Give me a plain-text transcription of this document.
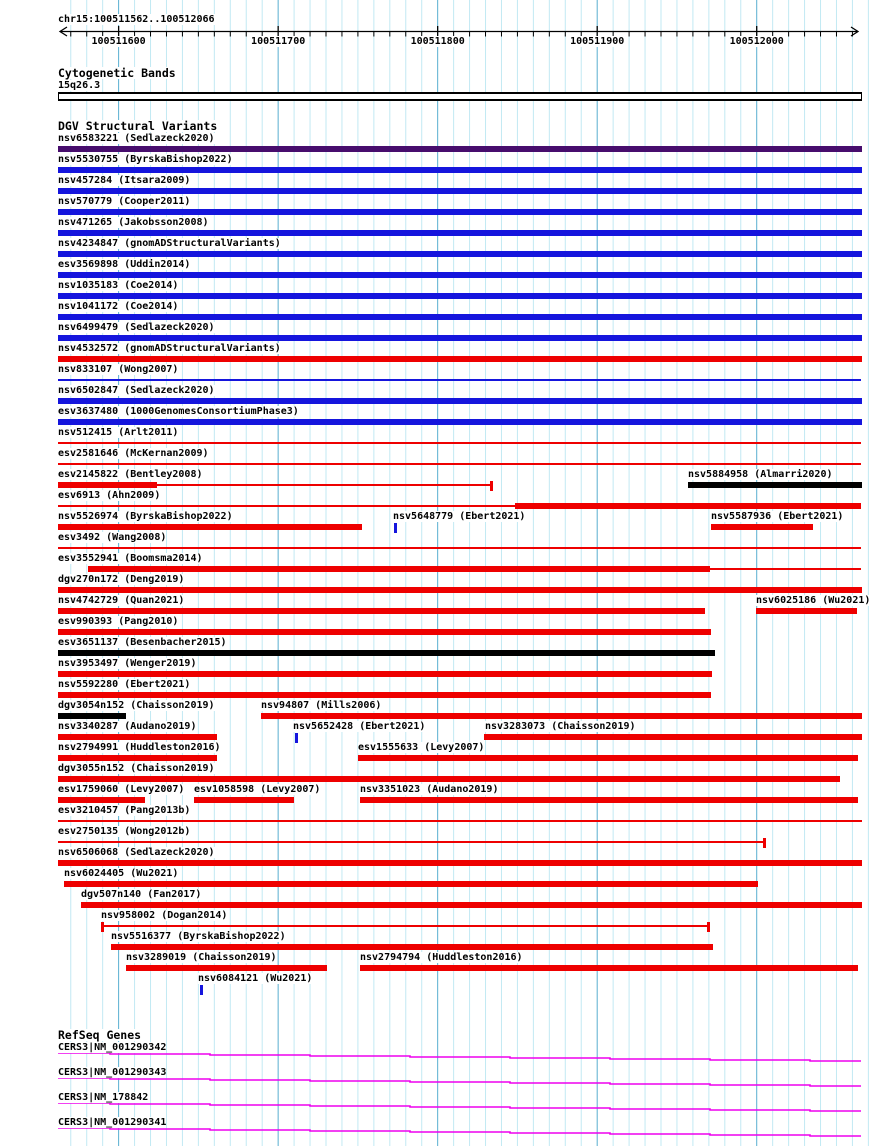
chr15:100511562..100512066
100511600	100511700	100511800	100511900	100512000
Cytogenetic Bands
15q26.3
DGV Structural Variants
nsv6583221 (Sedlazeck2020)
nsv5530755 (ByrskaBishop2022)
nsv457284 (Itsara2009)
nsv570779 (Cooper2011)
nsv471265 (Jakobsson2008)
nsv4234847 (gnomADStructuralVariants)
esv3569898 (Uddin2014)
nsv1035183 (Coe2014)
nsv1041172 (Coe2014)
nsv6499479 (Sedlazeck2020)
nsv4532572 (gnomADStructuralVariants)
nsv833107 (Wong2007)
nsv6502847 (Sedlazeck2020)
esv3637480 (1000GenomesConsortiumPhase3)
nsv512415 (Arlt2011)
esv2581646 (McKernan2009)
esv2145822 (Bentley2008)	nsv5884958 (Almarri2020)
esv6913 (Ahn2009)
nsv5526974 (ByrskaBishop2022)	nsv5648779 (Ebert2021)	nsv5587936 (Ebert2021)
esv3492 (Wang2008)
esv3552941 (Boomsma2014)
dgv270n172 (Deng2019)
nsv4742729 (Quan2021)	nsv6025186 (Wu2021)
esv990393 (Pang2010)
esv3651137 (Besenbacher2015)
nsv3953497 (Wenger2019)
nsv5592280 (Ebert2021)
dgv3054n152 (Chaisson2019)	nsv94807 (Mills2006)
nsv3340287 (Audano2019)	nsv5652428 (Ebert2021)	nsv3283073 (Chaisson2019)
nsv2794991 (Huddleston2016)	esv1555633 (Levy2007)
dgv3055n152 (Chaisson2019)
esv1759060 (Levy2007) esv1058598 (Levy2007)	nsv3351023 (Audano2019)
esv3210457 (Pang2013b)
esv2750135 (Wong2012b)
nsv6506068 (Sedlazeck2020)
nsv6024405 (Wu2021)
dgv507n140 (Fan2017)
nsv958002 (Dogan2014)
nsv5516377 (ByrskaBishop2022)
nsv3289019 (Chaisson2019)	nsv2794794 (Huddleston2016)
nsv6084121 (Wu2021)
RefSeq Genes
CERS3|NM_001290342
CERS3|NM_001290343
CERS3|NM_178842
CERS3|NM_001290341
